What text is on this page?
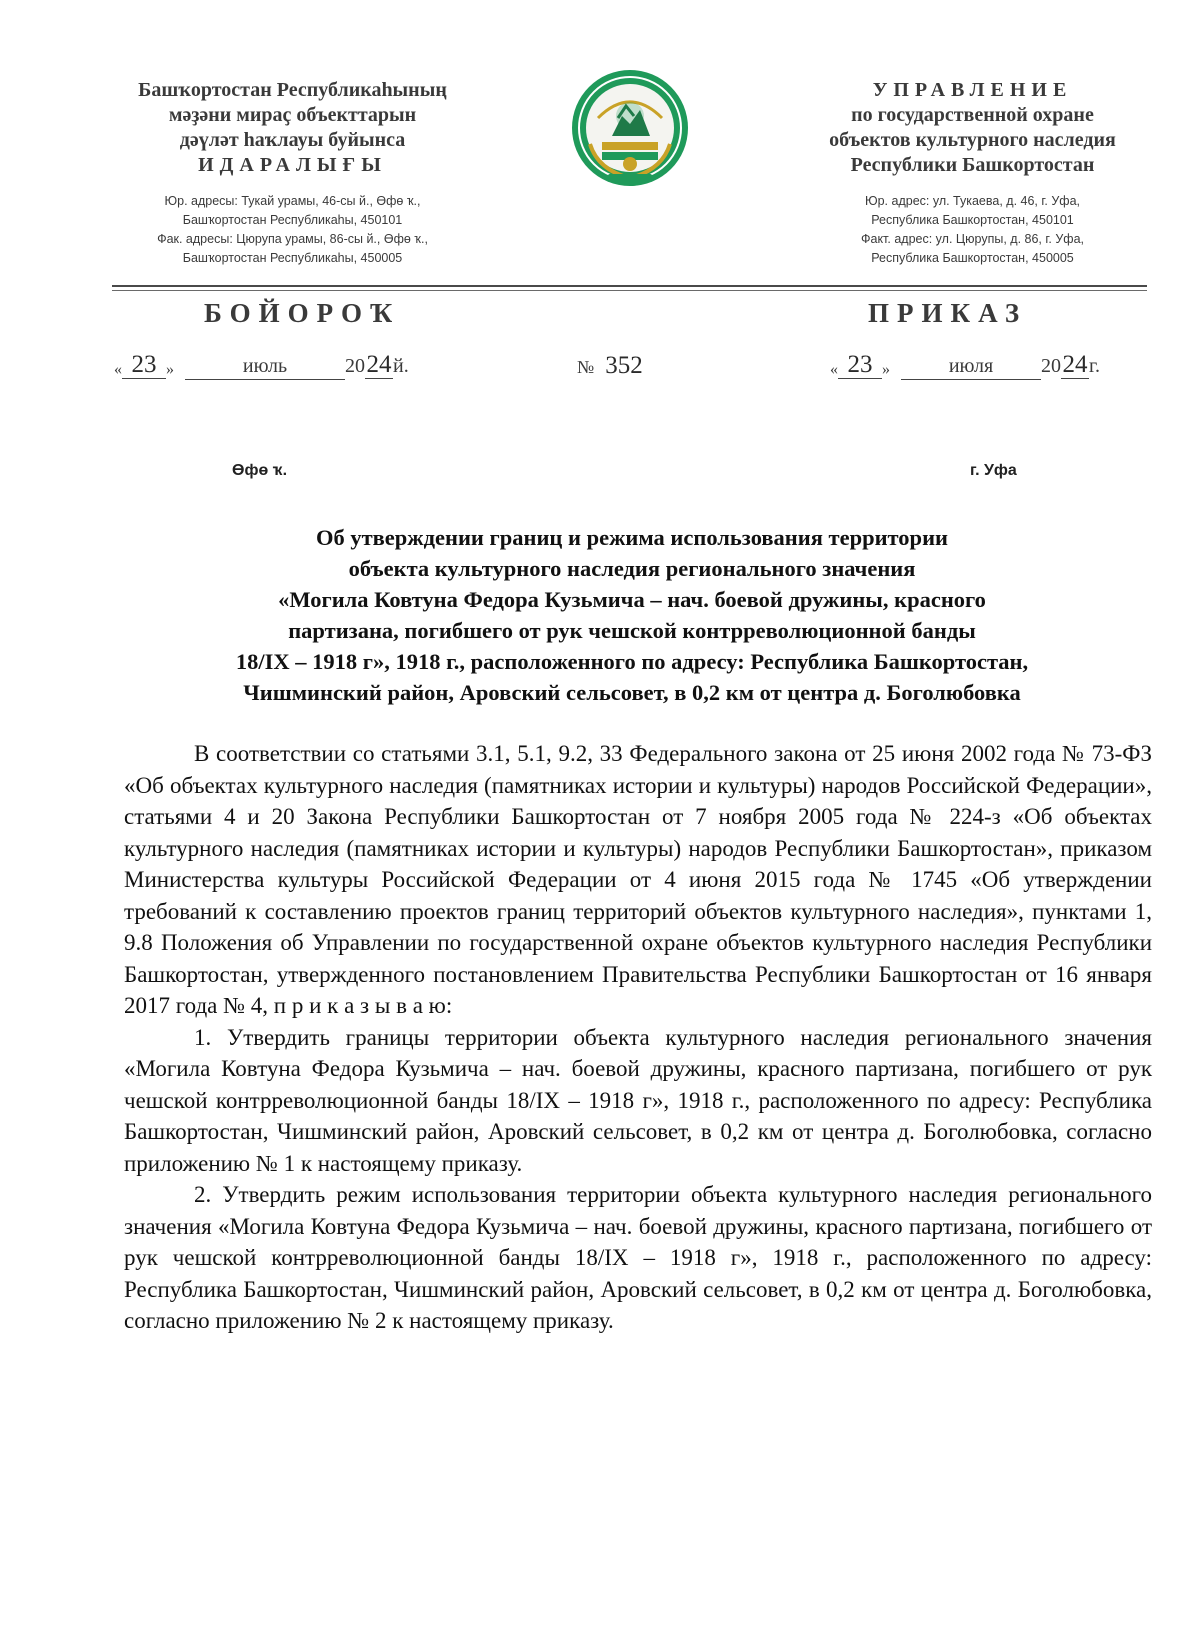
Башҡортостан Республикаһының
мәҙәни мираҫ объекттарын
дәүләт һаҡлауы буйынса
ИДАРАЛЫҒЫ
Юр. адресы: Тукай урамы, 46-сы й., Өфө ҡ.,
Башҡортостан Республикаһы, 450101
Фак. адресы: Цюрупа урамы, 86-сы й., Өфө ҡ.,
Башҡортостан Республикаһы, 450005
УПРАВЛЕНИЕ
по государственной охране
объектов культурного наследия
Республики Башкортостан
Юр. адрес: ул. Тукаева, д. 46, г. Уфа,
Республика Башкортостан, 450101
Факт. адрес: ул. Цюрупы, д. 86, г. Уфа,
Республика Башкортостан, 450005
БОЙОРОҠ	ПРИКАЗ
« 23 »	июль	2024й.	№ 352	« 23 »	июля 2024г.
Өфө ҡ.	г. Уфа
Об утверждении границ и режима использования территории
объекта культурного наследия регионального значения
«Могила Ковтуна Федора Кузьмича – нач. боевой дружины, красного
партизана, погибшего от рук чешской контрреволюционной банды
18/IX – 1918 г», 1918 г., расположенного по адресу: Республика Башкортостан,
Чишминский район, Аровский сельсовет, в 0,2 км от центра д. Боголюбовка

В соответствии со статьями 3.1, 5.1, 9.2, 33 Федерального закона от 25 июня 2002 года № 73-ФЗ «Об объектах культурного наследия (памятниках истории и культуры) народов Российской Федерации», статьями 4 и 20 Закона Республики Башкортостан от 7 ноября 2005 года № 224-з «Об объектах культурного наследия (памятниках истории и культуры) народов Республики Башкортостан», приказом Министерства культуры Российской Федерации от 4 июня 2015 года № 1745 «Об утверждении требований к составлению проектов границ территорий объектов культурного наследия», пунктами 1, 9.8 Положения об Управлении по государственной охране объектов культурного наследия Республики Башкортостан, утвержденного постановлением Правительства Республики Башкортостан от 16 января 2017 года № 4, п р и к а з ы в а ю:

1. Утвердить границы территории объекта культурного наследия регионального значения «Могила Ковтуна Федора Кузьмича – нач. боевой дружины, красного партизана, погибшего от рук чешской контрреволюционной банды 18/IX – 1918 г», 1918 г., расположенного по адресу: Республика Башкортостан, Чишминский район, Аровский сельсовет, в 0,2 км от центра д. Боголюбовка, согласно приложению № 1 к настоящему приказу.

2. Утвердить режим использования территории объекта культурного наследия регионального значения «Могила Ковтуна Федора Кузьмича – нач. боевой дружины, красного партизана, погибшего от рук чешской контрреволюционной банды 18/IX – 1918 г», 1918 г., расположенного по адресу: Республика Башкортостан, Чишминский район, Аровский сельсовет, в 0,2 км от центра д. Боголюбовка, согласно приложению № 2 к настоящему приказу.
